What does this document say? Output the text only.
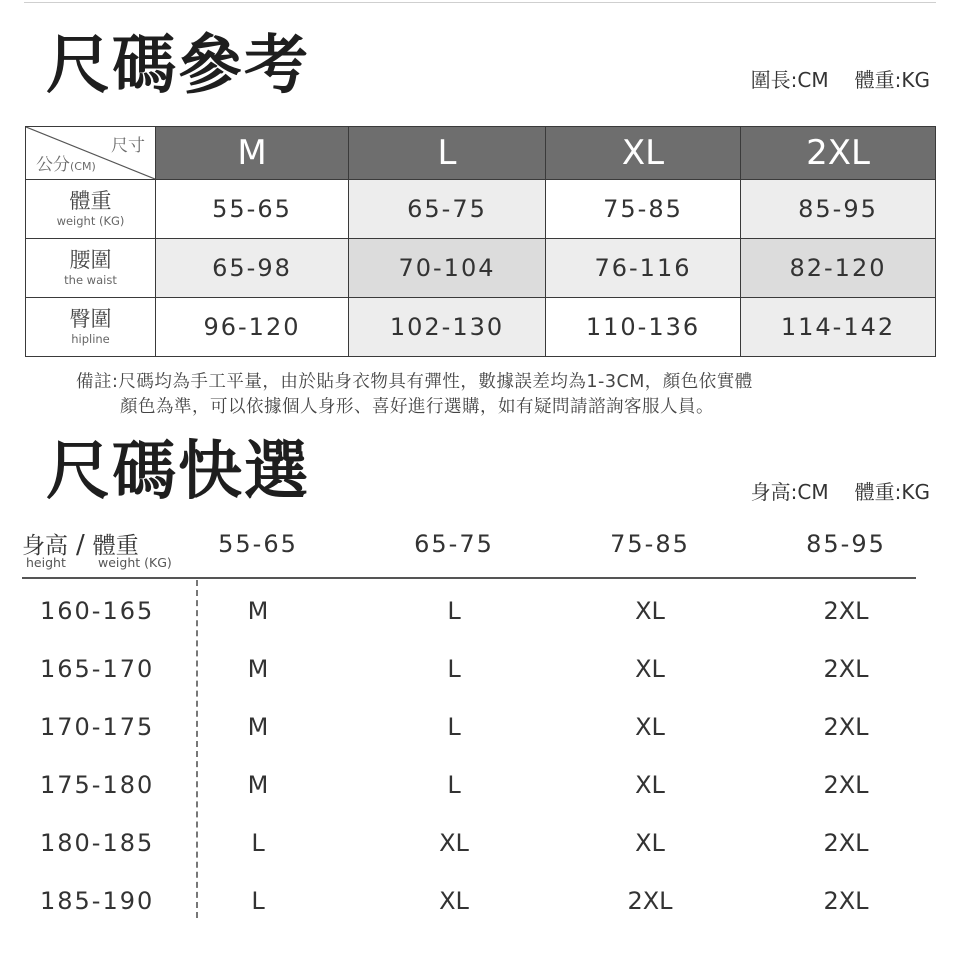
尺碼參考	圍長:CM 體重:KG
尺寸
公分(CM)	M	L	XL	2XL

體重
weight (KG)	55-65	65-75	75-85	85-95

腰圍
the waist	65-98	70-104	76-116	82-120

臀圍
hipline	96-120	102-130	110-136	114-142
備註:尺碼均為手工平量，由於貼身衣物具有彈性，數據誤差均為1-3CM，顏色依實體
顏色為準，可以依據個人身形、喜好進行選購，如有疑問請諮詢客服人員。
尺碼快選	身高:CM 體重:KG
身高 / 體重
height	weight (KG)
55-65	65-75	75-85	85-95
160-165	M	L	XL	2XL
165-170	M	L	XL	2XL
170-175	M	L	XL	2XL
175-180	M	L	XL	2XL
180-185	L	XL	XL	2XL
185-190	L	XL	2XL	2XL
